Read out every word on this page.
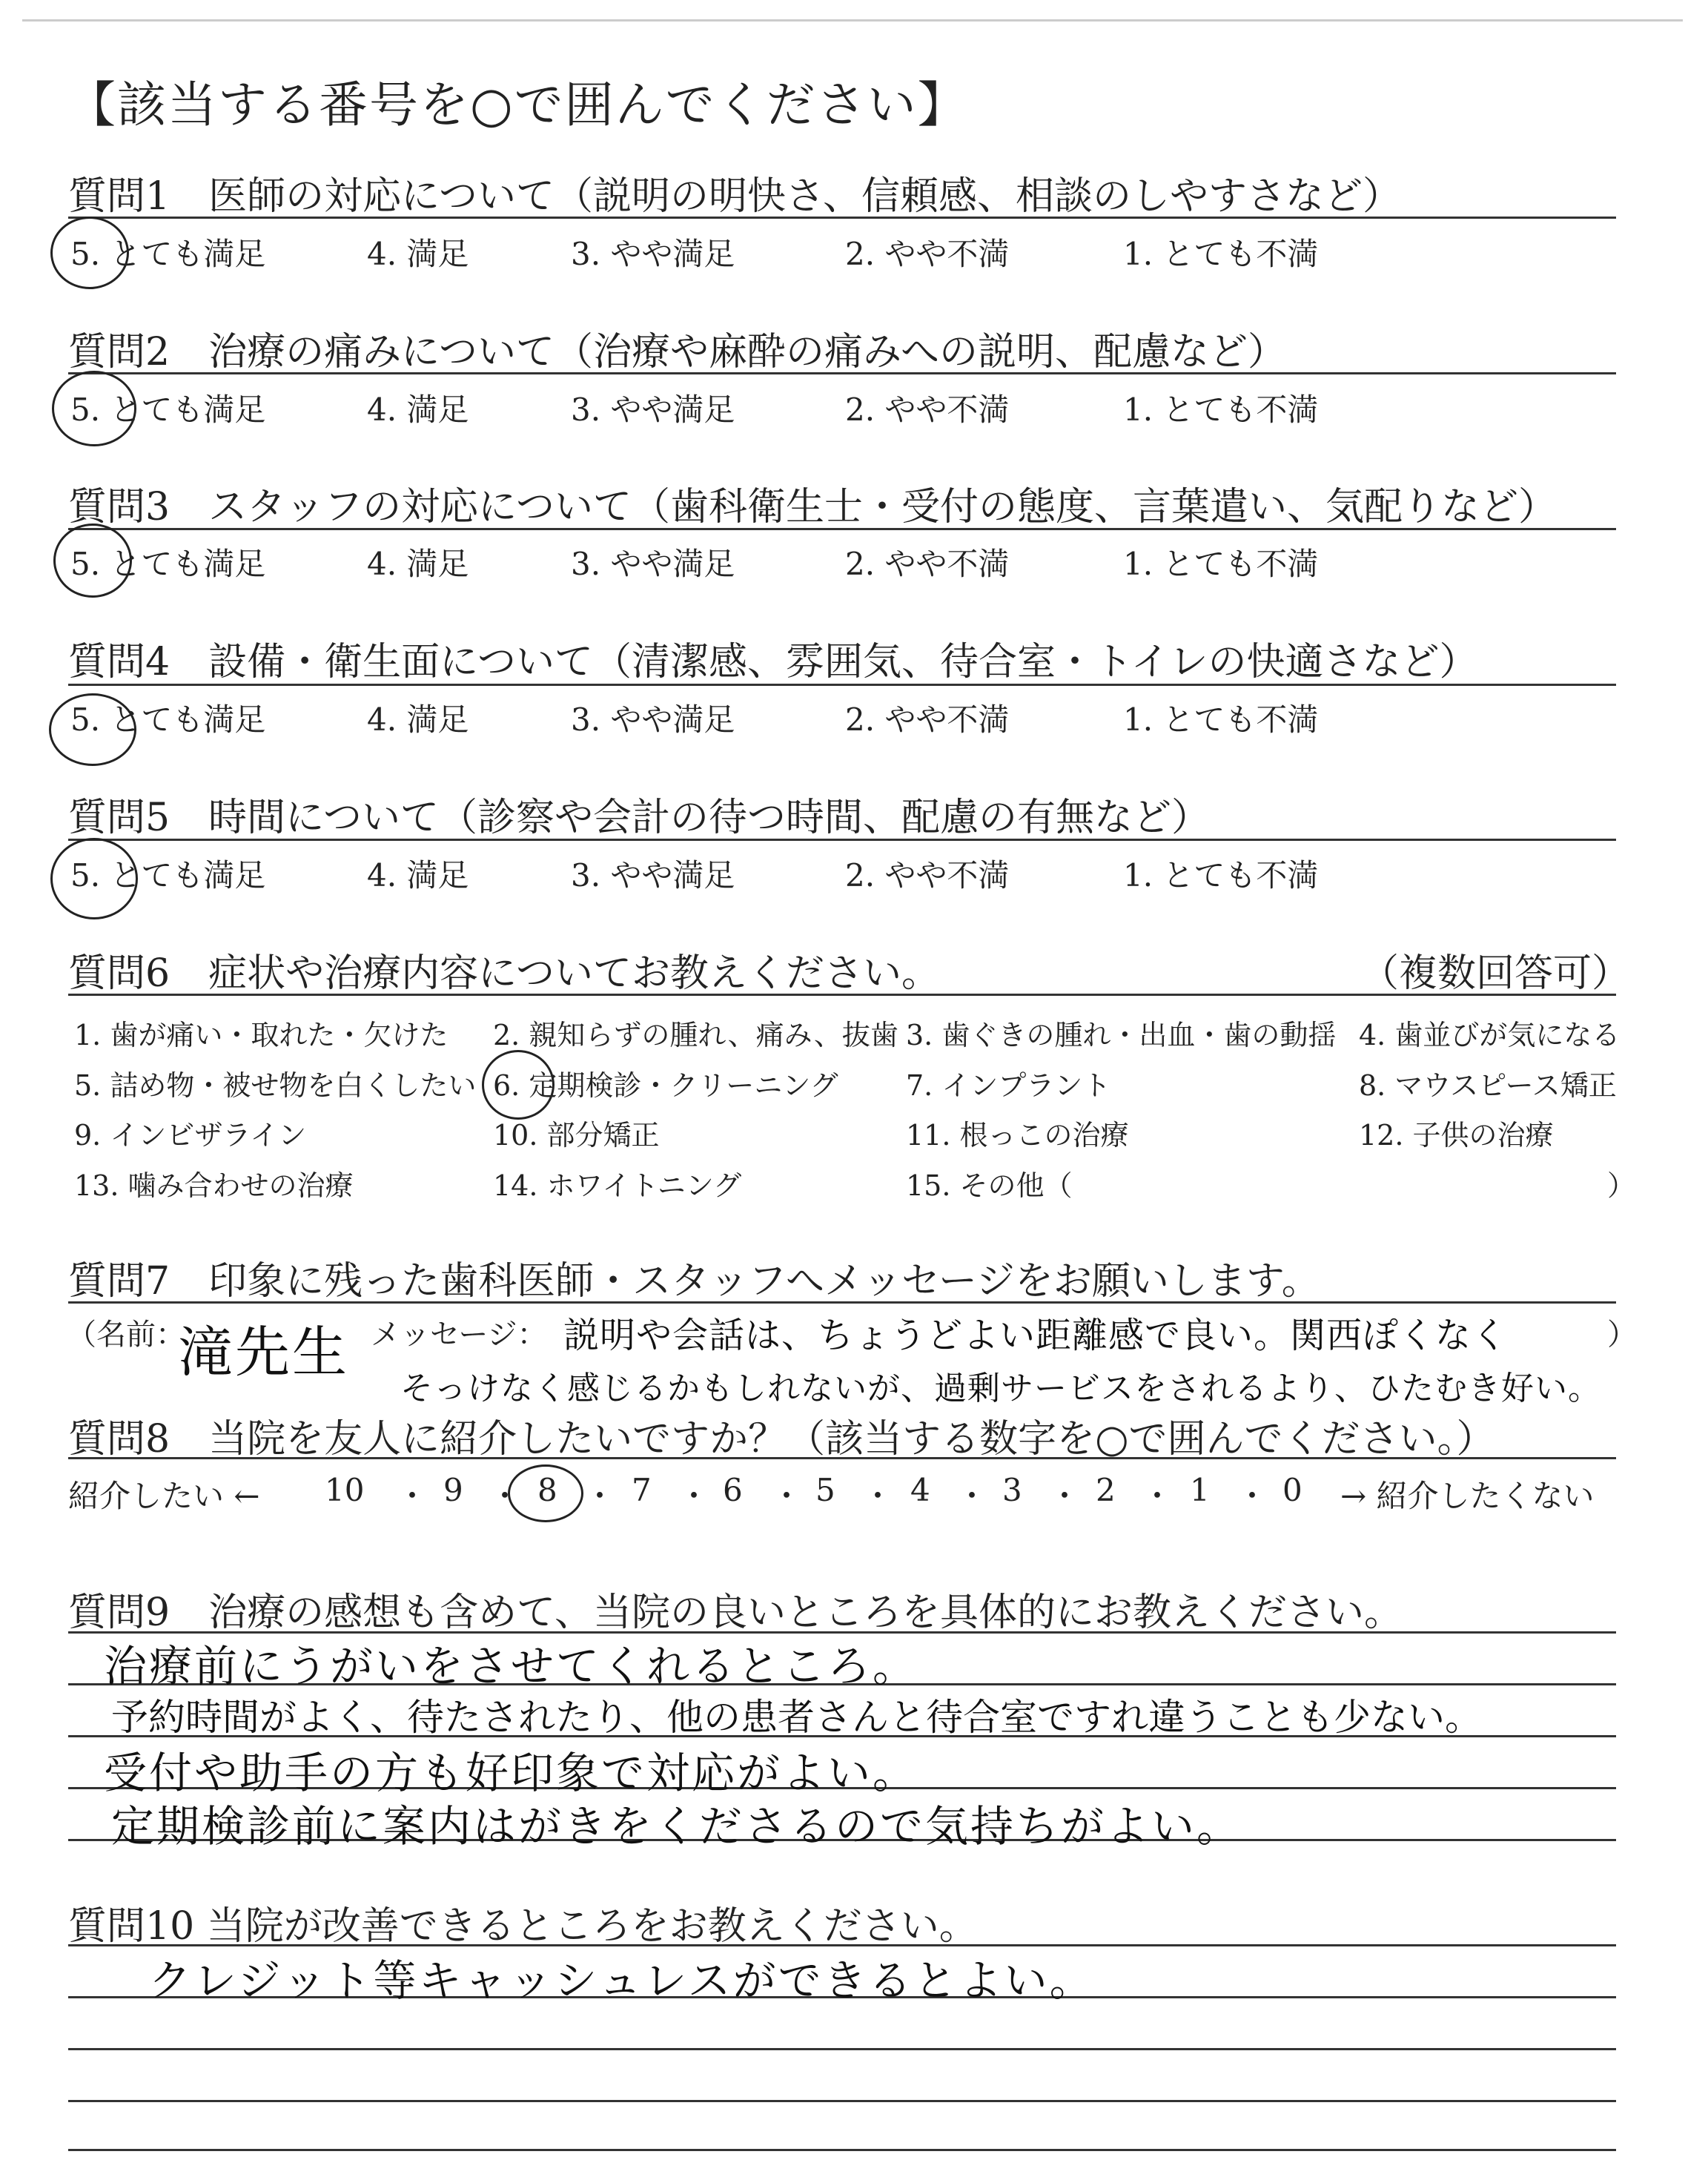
【該当する番号を○で囲んでください】
質問1　医師の対応について（説明の明快さ、信頼感、相談のしやすさなど）
5. とても満足	4. 満足	3. やや満足	2. やや不満	1. とても不満
質問2　治療の痛みについて（治療や麻酔の痛みへの説明、配慮など）
5. とても満足	4. 満足	3. やや満足	2. やや不満	1. とても不満
質問3　スタッフの対応について（歯科衛生士・受付の態度、言葉遣い、気配りなど）
5. とても満足	4. 満足	3. やや満足	2. やや不満	1. とても不満
質問4　設備・衛生面について（清潔感、雰囲気、待合室・トイレの快適さなど）
5. とても満足	4. 満足	3. やや満足	2. やや不満	1. とても不満
質問5　時間について（診察や会計の待つ時間、配慮の有無など）
5. とても満足	4. 満足	3. やや満足	2. やや不満	1. とても不満
質問6　症状や治療内容についてお教えください。	（複数回答可）
1. 歯が痛い・取れた・欠けた 2. 親知らずの腫れ、痛み、抜歯 3. 歯ぐきの腫れ・出血・歯の動揺 4. 歯並びが気になる
5. 詰め物・被せ物を白くしたい 6. 定期検診・クリーニング 7. インプラント	8. マウスピース矯正
9. インビザライン	10. 部分矯正	11. 根っこの治療	12. 子供の治療
13. 噛み合わせの治療	14. ホワイトニング	15. その他（	）
質問7　印象に残った歯科医師・スタッフへメッセージをお願いします。
（名前：
滝先生 メッセージ： 説明や会話は、ちょうどよい距離感で良い。関西ぽくなく	）
そっけなく感じるかもしれないが、過剰サービスをされるより、ひたむき好い。
質問8　当院を友人に紹介したいですか？（該当する数字を○で囲んでください。）
紹介したい ← 10 ・ 9 ・ 8 ・ 7 ・ 6 ・ 5 ・ 4 ・ 3 ・ 2 ・ 1 ・ 0 → 紹介したくない
質問9　治療の感想も含めて、当院の良いところを具体的にお教えください。
治療前にうがいをさせてくれるところ。
予約時間がよく、待たされたり、他の患者さんと待合室ですれ違うことも少ない。
受付や助手の方も好印象で対応がよい。
定期検診前に案内はがきをくださるので気持ちがよい。
質問10 当院が改善できるところをお教えください。
クレジット等キャッシュレスができるとよい。
